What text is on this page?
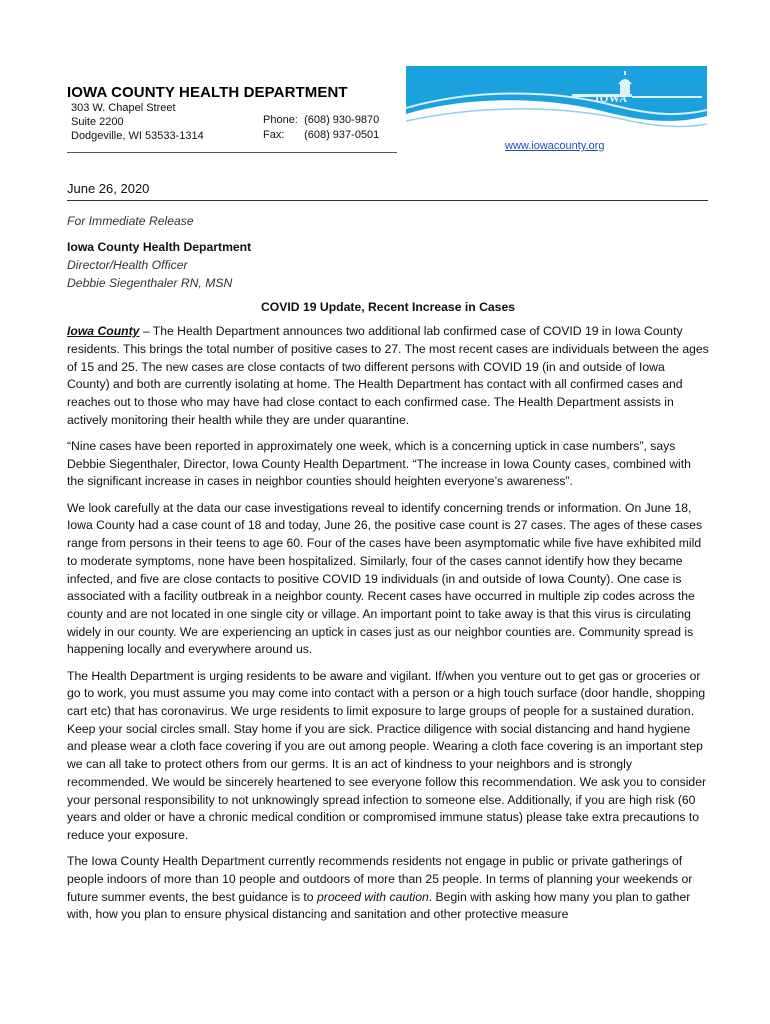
IOWA COUNTY HEALTH DEPARTMENT
303 W. Chapel Street
Suite 2200
Dodgeville, WI 53533-1314
Phone: (608) 930-9870
Fax: (608) 937-0501
IOWA
www.iowacounty.org
June 26, 2020
For Immediate Release
Iowa County Health Department
Director/Health Officer
Debbie Siegenthaler RN, MSN
COVID 19 Update, Recent Increase in Cases

Iowa County – The Health Department announces two additional lab confirmed case of COVID 19 in Iowa County residents. This brings the total number of positive cases to 27. The most recent cases are individuals between the ages of 15 and 25. The new cases are close contacts of two different persons with COVID 19 (in and outside of Iowa County) and both are currently isolating at home. The Health Department has contact with all confirmed cases and reaches out to those who may have had close contact to each confirmed case. The Health Department assists in actively monitoring their health while they are under quarantine.

“Nine cases have been reported in approximately one week, which is a concerning uptick in case numbers”, says Debbie Siegenthaler, Director, Iowa County Health Department. “The increase in Iowa County cases, combined with the significant increase in cases in neighbor counties should heighten everyone’s awareness”.

We look carefully at the data our case investigations reveal to identify concerning trends or information. On June 18, Iowa County had a case count of 18 and today, June 26, the positive case count is 27 cases. The ages of these cases range from persons in their teens to age 60. Four of the cases have been asymptomatic while five have exhibited mild to moderate symptoms, none have been hospitalized. Similarly, four of the cases cannot identify how they became infected, and five are close contacts to positive COVID 19 individuals (in and outside of Iowa County). One case is associated with a facility outbreak in a neighbor county. Recent cases have occurred in multiple zip codes across the county and are not located in one single city or village. An important point to take away is that this virus is circulating widely in our county. We are experiencing an uptick in cases just as our neighbor counties are. Community spread is happening locally and everywhere around us.

The Health Department is urging residents to be aware and vigilant. If/when you venture out to get gas or groceries or go to work, you must assume you may come into contact with a person or a high touch surface (door handle, shopping cart etc) that has coronavirus. We urge residents to limit exposure to large groups of people for a sustained duration. Keep your social circles small. Stay home if you are sick. Practice diligence with social distancing and hand hygiene and please wear a cloth face covering if you are out among people. Wearing a cloth face covering is an important step we can all take to protect others from our germs. It is an act of kindness to your neighbors and is strongly recommended. We would be sincerely heartened to see everyone follow this recommendation. We ask you to consider your personal responsibility to not unknowingly spread infection to someone else. Additionally, if you are high risk (60 years and older or have a chronic medical condition or compromised immune status) please take extra precautions to reduce your exposure.

The Iowa County Health Department currently recommends residents not engage in public or private gatherings of people indoors of more than 10 people and outdoors of more than 25 people. In terms of planning your weekends or future summer events, the best guidance is to proceed with caution. Begin with asking how many you plan to gather with, how you plan to ensure physical distancing and sanitation and other protective measure
